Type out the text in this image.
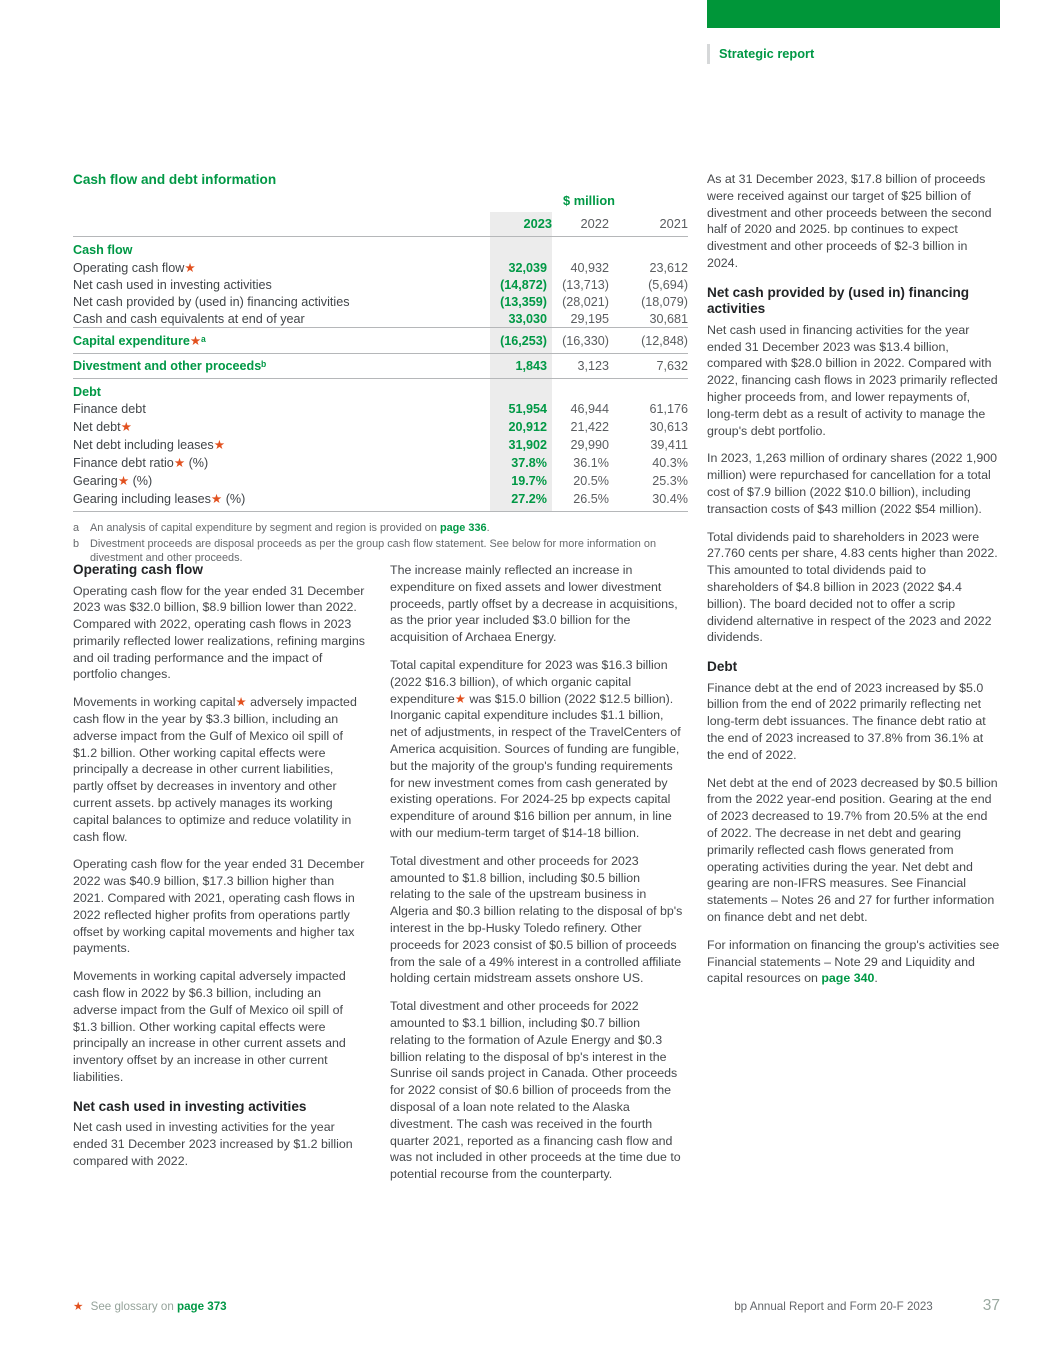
Strategic report
Cash flow and debt information
	$ million		
	2023	2022	2021
Cash flow			
Operating cash flow★	32,039	40,932	23,612
Net cash used in investing activities	(14,872)	(13,713)	(5,694)
Net cash provided by (used in) financing activities	(13,359)	(28,021)	(18,079)
Cash and cash equivalents at end of year	33,030	29,195	30,681
Capital expenditure★ᵃ	(16,253)	(16,330)	(12,848)
Divestment and other proceedsᵇ	1,843	3,123	7,632
Debt			
Finance debt	51,954	46,944	61,176
Net debt★	20,912	21,422	30,613
Net debt including leases★	31,902	29,990	39,411
Finance debt ratio★ (%)	37.8%	36.1%	40.3%
Gearing★ (%)	19.7%	20.5%	25.3%
Gearing including leases★ (%)	27.2%	26.5%	30.4%
a	An analysis of capital expenditure by segment and region is provided on page 336.
b	Divestment proceeds are disposal proceeds as per the group cash flow statement. See below for more information on divestment and other proceeds.
Operating cash flow

Operating cash flow for the year ended 31 December 2023 was $32.0 billion, $8.9 billion lower than 2022. Compared with 2022, operating cash flows in 2023 primarily reflected lower realizations, refining margins and oil trading performance and the impact of portfolio changes.

Movements in working capital★ adversely impacted cash flow in the year by $3.3 billion, including an adverse impact from the Gulf of Mexico oil spill of $1.2 billion. Other working capital effects were principally a decrease in other current liabilities, partly offset by decreases in inventory and other current assets. bp actively manages its working capital balances to optimize and reduce volatility in cash flow.

Operating cash flow for the year ended 31 December 2022 was $40.9 billion, $17.3 billion higher than 2021. Compared with 2021, operating cash flows in 2022 reflected higher profits from operations partly offset by working capital movements and higher tax payments.

Movements in working capital adversely impacted cash flow in 2022 by $6.3 billion, including an adverse impact from the Gulf of Mexico oil spill of $1.3 billion. Other working capital effects were principally an increase in other current assets and inventory offset by an increase in other current liabilities.

Net cash used in investing activities

Net cash used in investing activities for the year ended 31 December 2023 increased by $1.2 billion compared with 2022.

The increase mainly reflected an increase in expenditure on fixed assets and lower divestment proceeds, partly offset by a decrease in acquisitions, as the prior year included $3.0 billion for the acquisition of Archaea Energy.

Total capital expenditure for 2023 was $16.3 billion (2022 $16.3 billion), of which organic capital expenditure★ was $15.0 billion (2022 $12.5 billion). Inorganic capital expenditure includes $1.1 billion, net of adjustments, in respect of the TravelCenters of America acquisition. Sources of funding are fungible, but the majority of the group's funding requirements for new investment comes from cash generated by existing operations. For 2024-25 bp expects capital expenditure of around $16 billion per annum, in line with our medium-term target of $14-18 billion.

Total divestment and other proceeds for 2023 amounted to $1.8 billion, including $0.5 billion relating to the sale of the upstream business in Algeria and $0.3 billion relating to the disposal of bp's interest in the bp-Husky Toledo refinery. Other proceeds for 2023 consist of $0.5 billion of proceeds from the sale of a 49% interest in a controlled affiliate holding certain midstream assets onshore US.

Total divestment and other proceeds for 2022 amounted to $3.1 billion, including $0.7 billion relating to the formation of Azule Energy and $0.3 billion relating to the disposal of bp's interest in the Sunrise oil sands project in Canada. Other proceeds for 2022 consist of $0.6 billion of proceeds from the disposal of a loan note related to the Alaska divestment. The cash was received in the fourth quarter 2021, reported as a financing cash flow and was not included in other proceeds at the time due to potential recourse from the counterparty.

As at 31 December 2023, $17.8 billion of proceeds were received against our target of $25 billion of divestment and other proceeds between the second half of 2020 and 2025. bp continues to expect divestment and other proceeds of $2-3 billion in 2024.

Net cash provided by (used in) financing activities

Net cash used in financing activities for the year ended 31 December 2023 was $13.4 billion, compared with $28.0 billion in 2022. Compared with 2022, financing cash flows in 2023 primarily reflected higher proceeds from, and lower repayments of, long-term debt as a result of activity to manage the group's debt portfolio.

In 2023, 1,263 million of ordinary shares (2022 1,900 million) were repurchased for cancellation for a total cost of $7.9 billion (2022 $10.0 billion), including transaction costs of $43 million (2022 $54 million).

Total dividends paid to shareholders in 2023 were 27.760 cents per share, 4.83 cents higher than 2022. This amounted to total dividends paid to shareholders of $4.8 billion in 2023 (2022 $4.4 billion). The board decided not to offer a scrip dividend alternative in respect of the 2023 and 2022 dividends.

Debt

Finance debt at the end of 2023 increased by $5.0 billion from the end of 2022 primarily reflecting net long-term debt issuances. The finance debt ratio at the end of 2023 increased to 37.8% from 36.1% at the end of 2022.

Net debt at the end of 2023 decreased by $0.5 billion from the 2022 year-end position. Gearing at the end of 2023 decreased to 19.7% from 20.5% at the end of 2022. The decrease in net debt and gearing primarily reflected cash flows generated from operating activities during the year. Net debt and gearing are non-IFRS measures. See Financial statements – Notes 26 and 27 for further information on finance debt and net debt.

For information on financing the group's activities see Financial statements – Note 29 and Liquidity and capital resources on page 340.

★ See glossary on page 373	bp Annual Report and Form 20-F 2023	37
